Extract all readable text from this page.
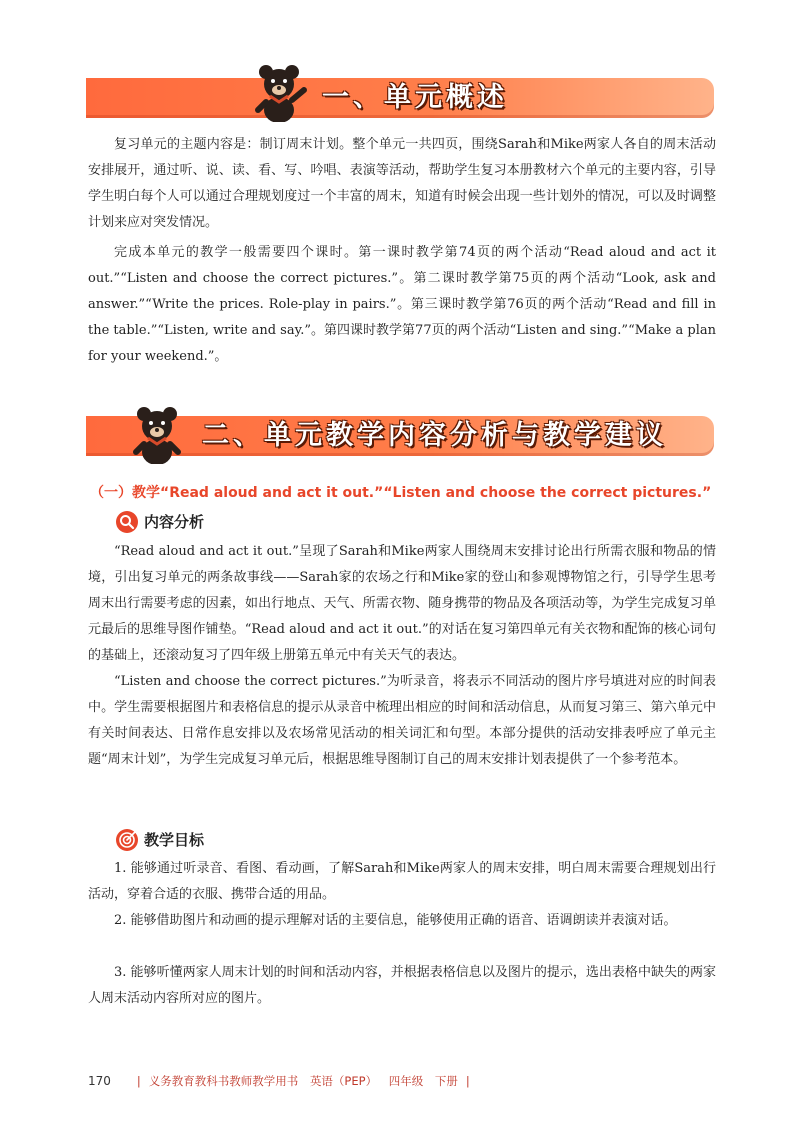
一、单元概述

复习单元的主题内容是：制订周末计划。整个单元一共四页，围绕Sarah和Mike两家人各自的周末活动安排展开，通过听、说、读、看、写、吟唱、表演等活动，帮助学生复习本册教材六个单元的主要内容，引导学生明白每个人可以通过合理规划度过一个丰富的周末，知道有时候会出现一些计划外的情况，可以及时调整计划来应对突发情况。

完成本单元的教学一般需要四个课时。第一课时教学第74页的两个活动“Read aloud and act it out.”“Listen and choose the correct pictures.”。第二课时教学第75页的两个活动“Look, ask and answer.”“Write the prices. Role-play in pairs.”。第三课时教学第76页的两个活动“Read and fill in the table.”“Listen, write and say.”。第四课时教学第77页的两个活动“Listen and sing.”“Make a plan for your weekend.”。

二、单元教学内容分析与教学建议
（一）教学“Read aloud and act it out.”“Listen and choose the correct pictures.”
内容分析

“Read aloud and act it out.”呈现了Sarah和Mike两家人围绕周末安排讨论出行所需衣服和物品的情境，引出复习单元的两条故事线——Sarah家的农场之行和Mike家的登山和参观博物馆之行，引导学生思考周末出行需要考虑的因素，如出行地点、天气、所需衣物、随身携带的物品及各项活动等，为学生完成复习单元最后的思维导图作铺垫。“Read aloud and act it out.”的对话在复习第四单元有关衣物和配饰的核心词句的基础上，还滚动复习了四年级上册第五单元中有关天气的表达。

“Listen and choose the correct pictures.”为听录音，将表示不同活动的图片序号填进对应的时间表中。学生需要根据图片和表格信息的提示从录音中梳理出相应的时间和活动信息，从而复习第三、第六单元中有关时间表达、日常作息安排以及农场常见活动的相关词汇和句型。本部分提供的活动安排表呼应了单元主题“周末计划”，为学生完成复习单元后，根据思维导图制订自己的周末安排计划表提供了一个参考范本。

教学目标

1. 能够通过听录音、看图、看动画，了解Sarah和Mike两家人的周末安排，明白周末需要合理规划出行活动，穿着合适的衣服、携带合适的用品。

2. 能够借助图片和动画的提示理解对话的主要信息，能够使用正确的语音、语调朗读并表演对话。

3. 能够听懂两家人周末计划的时间和活动内容，并根据表格信息以及图片的提示，选出表格中缺失的两家人周末活动内容所对应的图片。

170 | 义务教育教科书教师教学用书 英语（PEP） 四年级 下册 |
